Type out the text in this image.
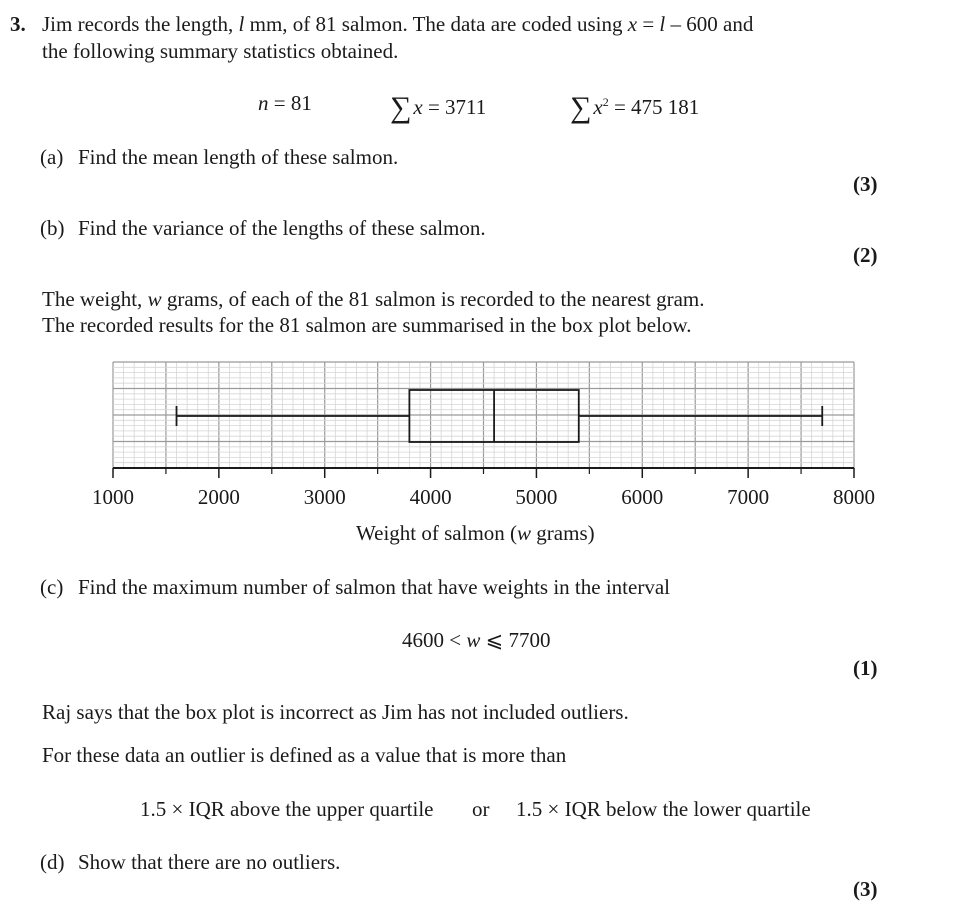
3. Jim records the length, l mm, of 81 salmon. The data are coded using x = l – 600 and
the following summary statistics obtained.
n = 81	∑x = 3711	$\sum x^2 = 475$ 181
(a) Find the mean length of these salmon.
(3)
(b) Find the variance of the lengths of these salmon.
(2)
The weight, w grams, of each of the 81 salmon is recorded to the nearest gram.
The recorded results for the 81 salmon are summarised in the box plot below.
1000	2000	3000	4000	5000	6000	7000	8000
Weight of salmon (w grams)
(c) Find the maximum number of salmon that have weights in the interval
4600 < w ⩽ 7700
(1)
Raj says that the box plot is incorrect as Jim has not included outliers.
For these data an outlier is defined as a value that is more than
1.5 × IQR above the upper quartile or 1.5 × IQR below the lower quartile
(d) Show that there are no outliers.
(3)
